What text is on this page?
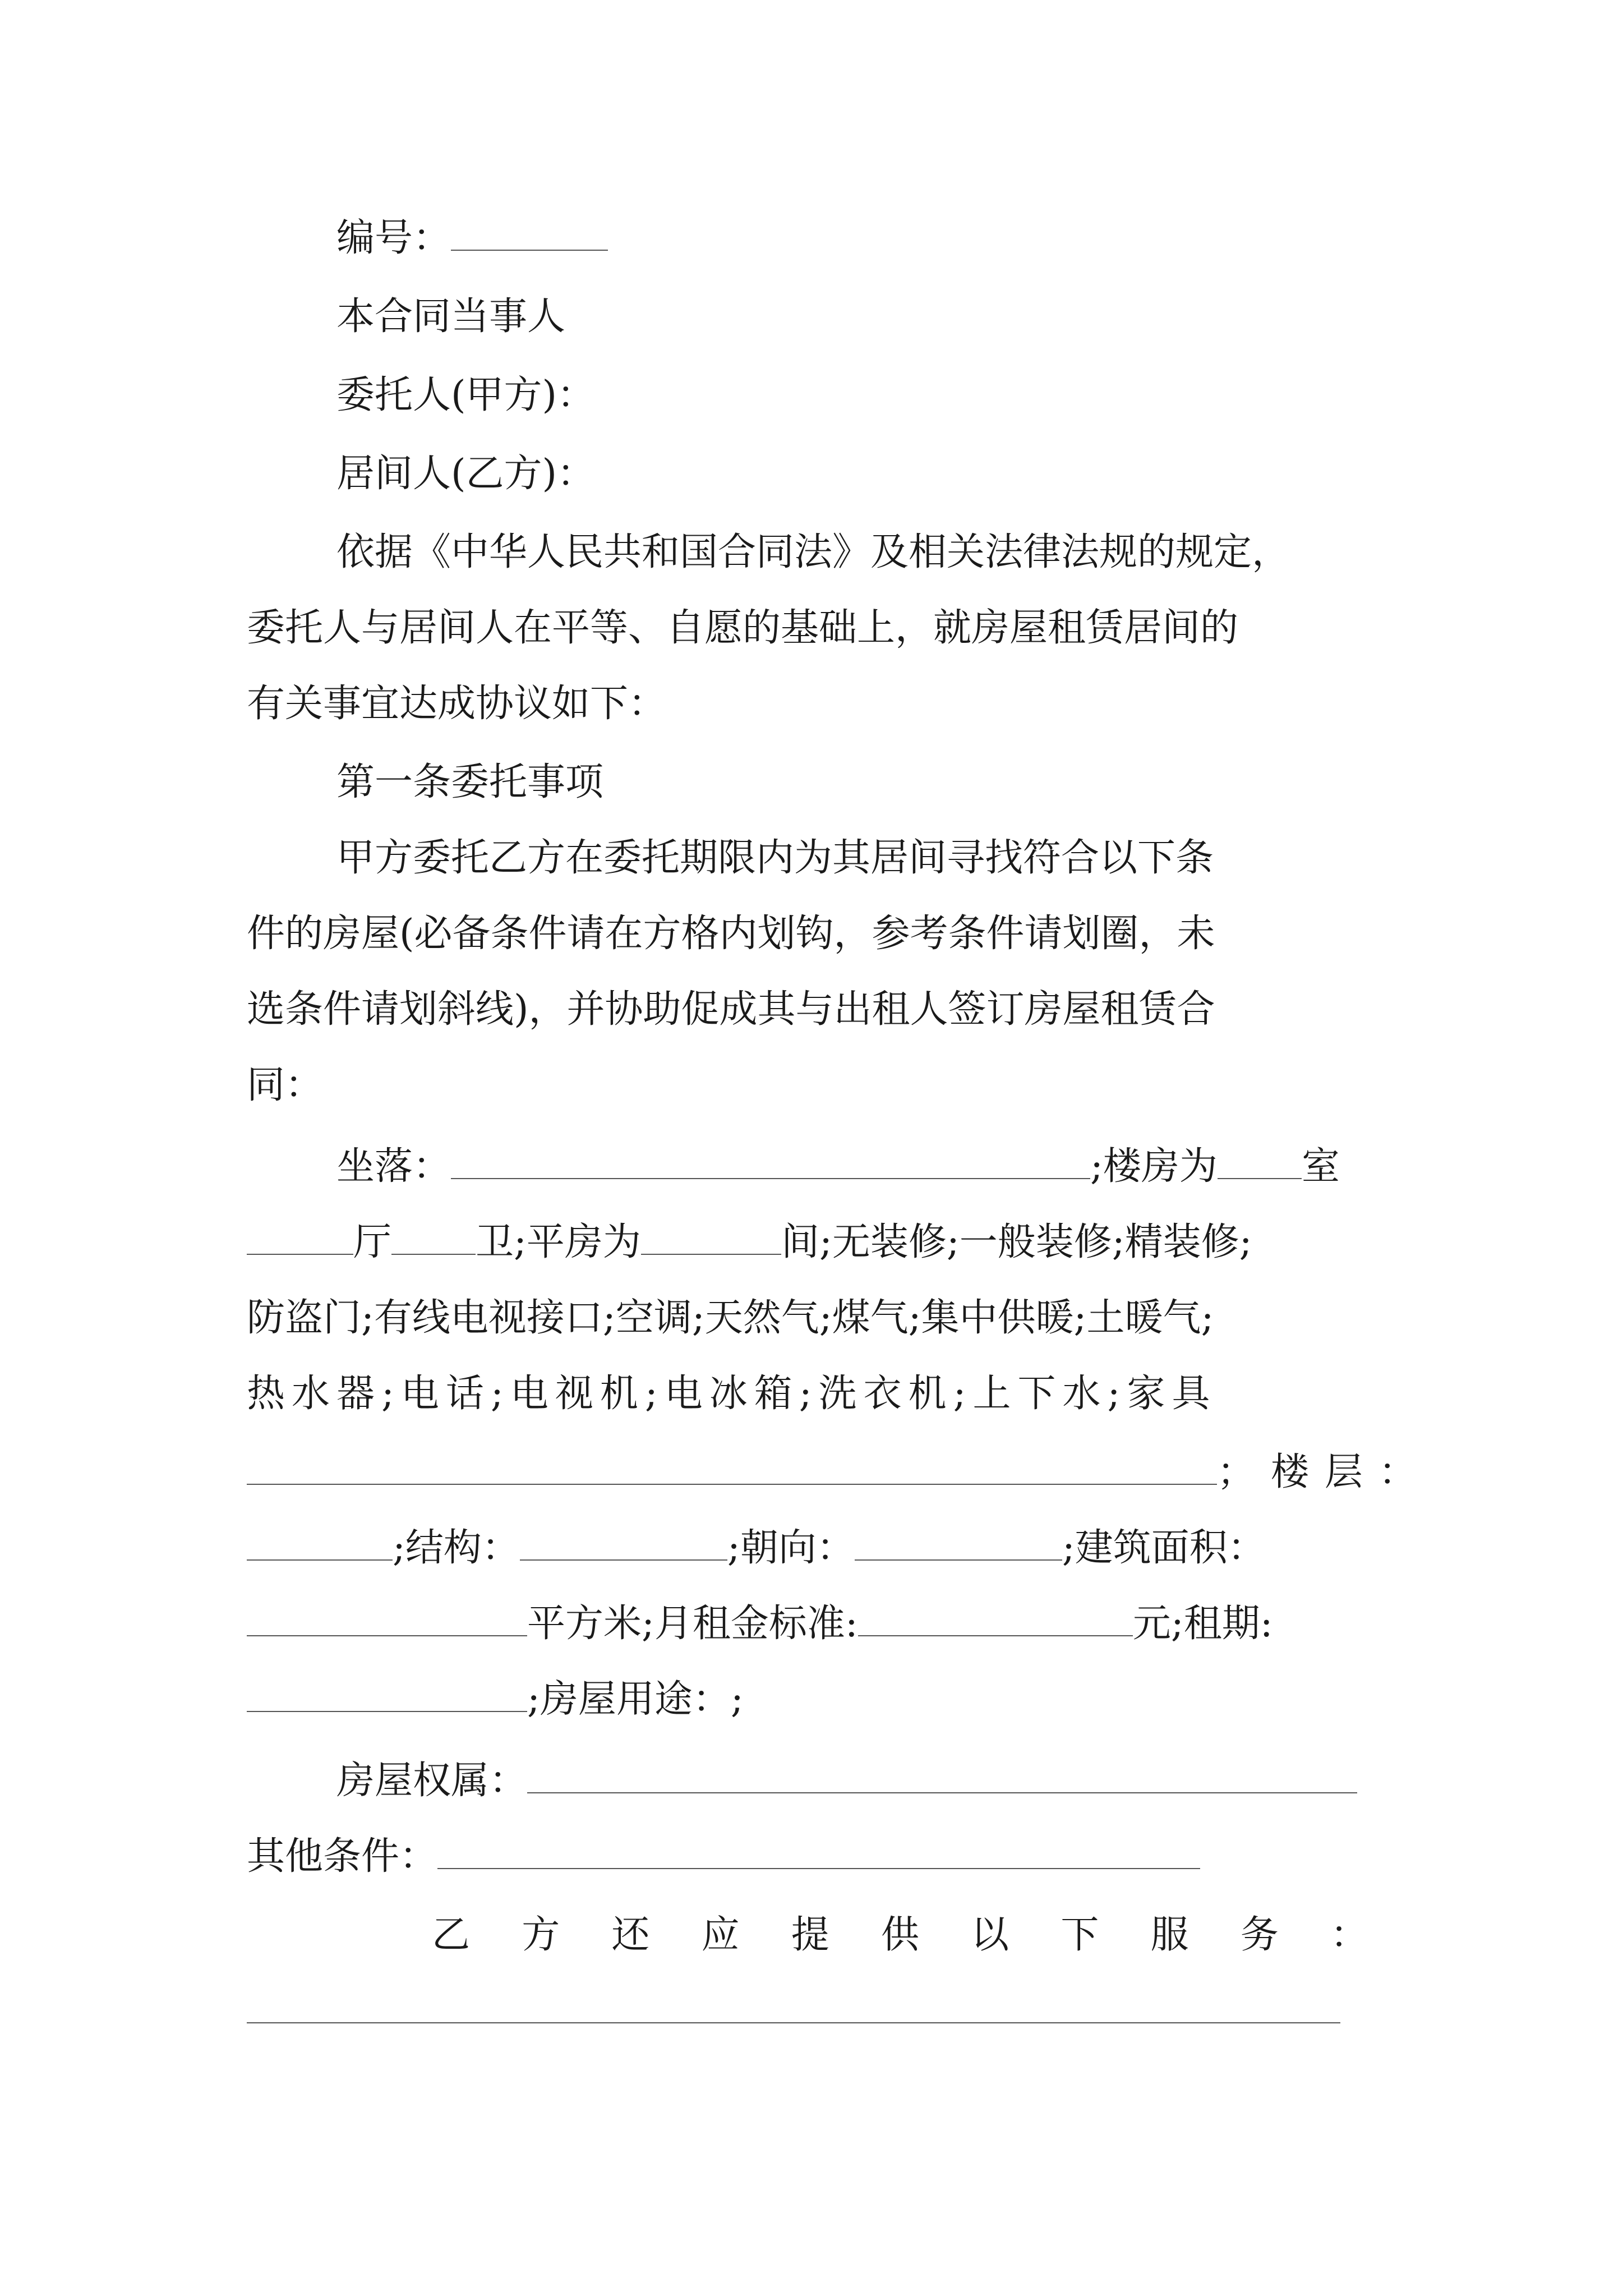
编号：
本合同当事人
委托人(甲方)：
居间人(乙方)：
依据《中华人民共和国合同法》及相关法律法规的规定，
委托人与居间人在平等、自愿的基础上，就房屋租赁居间的
有关事宜达成协议如下：
第一条委托事项
甲方委托乙方在委托期限内为其居间寻找符合以下条
件的房屋(必备条件请在方格内划钩，参考条件请划圈，未
选条件请划斜线)，并协助促成其与出租人签订房屋租赁合
同：
坐落：	;楼房为 室
厅 卫;平房为	间;无装修;一般装修;精装修;
防盗门;有线电视接口;空调;天然气;煤气;集中供暖;土暖气;
热水器;电话;电视机;电冰箱;洗衣机;上下水;家具
；楼层：
;结构：	;朝向：	;建筑面积：
平方米;月租金标准:	元;租期:
;房屋用途：;
房屋权属：
其他条件：
乙 方 还 应 提 供 以 下 服 务 ：
